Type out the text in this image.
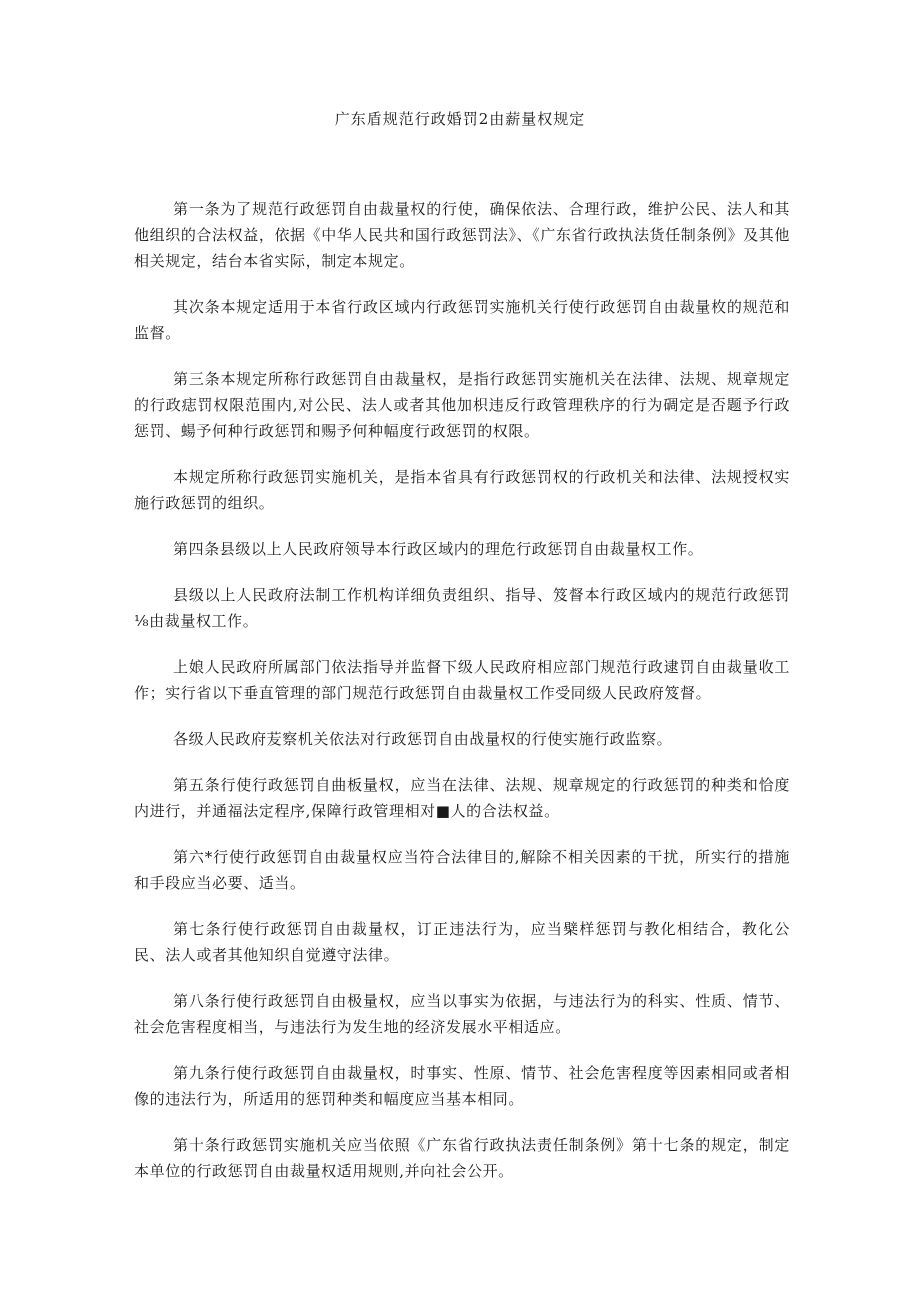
广东盾规范行政婚罚2由薪量权规定

第一条为了规范行政惩罚自由裁量权的行使，确保依法、合理行政，维护公民、法人和其他组织的合法权益，依据《中华人民共和国行政惩罚法》、《广东省行政执法货任制条例》及其他相关规定，结台本省实际，制定本规定。

其次条本规定适用于本省行政区域内行政惩罚实施机关行使行政惩罚自由裁量枚的规范和监督。

第三条本规定所称行政惩罚自由裁量权，是指行政惩罚实施机关在法律、法规、规章规定的行政痣罚权限范围内,对公民、法人或者其他加枳违反行政管理秩序的行为碉定是否题予行政惩罚、蝪予何种行政惩罚和赐予何种幅度行政惩罚的权限。

本规定所称行政惩罚实施机关，是指本省具有行政惩罚权的行政机关和法律、法规授权实施行政惩罚的组织。

第四条县级以上人民政府领导本行政区域内的理危行政惩罚自由裁量权工作。

县级以上人民政府法制工作机构详细负责组织、指导、笈督本行政区域内的规范行政惩罚⅛由裁量权工作。

上娘人民政府所属部门依法指导并监督下级人民政府相应部门规范行政逮罚自由裁量收工作；实行省以下垂直管理的部门规范行政惩罚自由裁量权工作受同级人民政府笈督。

各级人民政府苃察机关依法对行政惩罚自由战量权的行使实施行政监察。

第五条行使行政惩罚自曲板量权，应当在法律、法规、规章规定的行政惩罚的种类和恰度内进行，并通福法定程序,保障行政管理相对■人的合法权益。

第六*行使行政惩罚自由裁量权应当符合法律目的,解除不相关因素的干扰，所实行的措施和手段应当必要、适当。

第七条行使行政惩罚自由裁量权，订正违法行为，应当檗样惩罚与教化相结合，教化公民、法人或者其他知织自觉遵守法律。

第八条行使行政惩罚自由极量权，应当以事实为依据，与违法行为的科实、性质、情节、社会危害程度相当，与违法行为发生地的经济发展水平相适应。

第九条行使行政惩罚自由裁量权，时事实、性原、情节、社会危害程度等因素相同或者相像的违法行为，所适用的惩罚种类和幅度应当基本相同。

第十条行政惩罚实施机关应当依照《广东省行政执法责任制条例》第十七条的规定，制定本单位的行政惩罚自由裁量权适用规则,并向社会公开。
